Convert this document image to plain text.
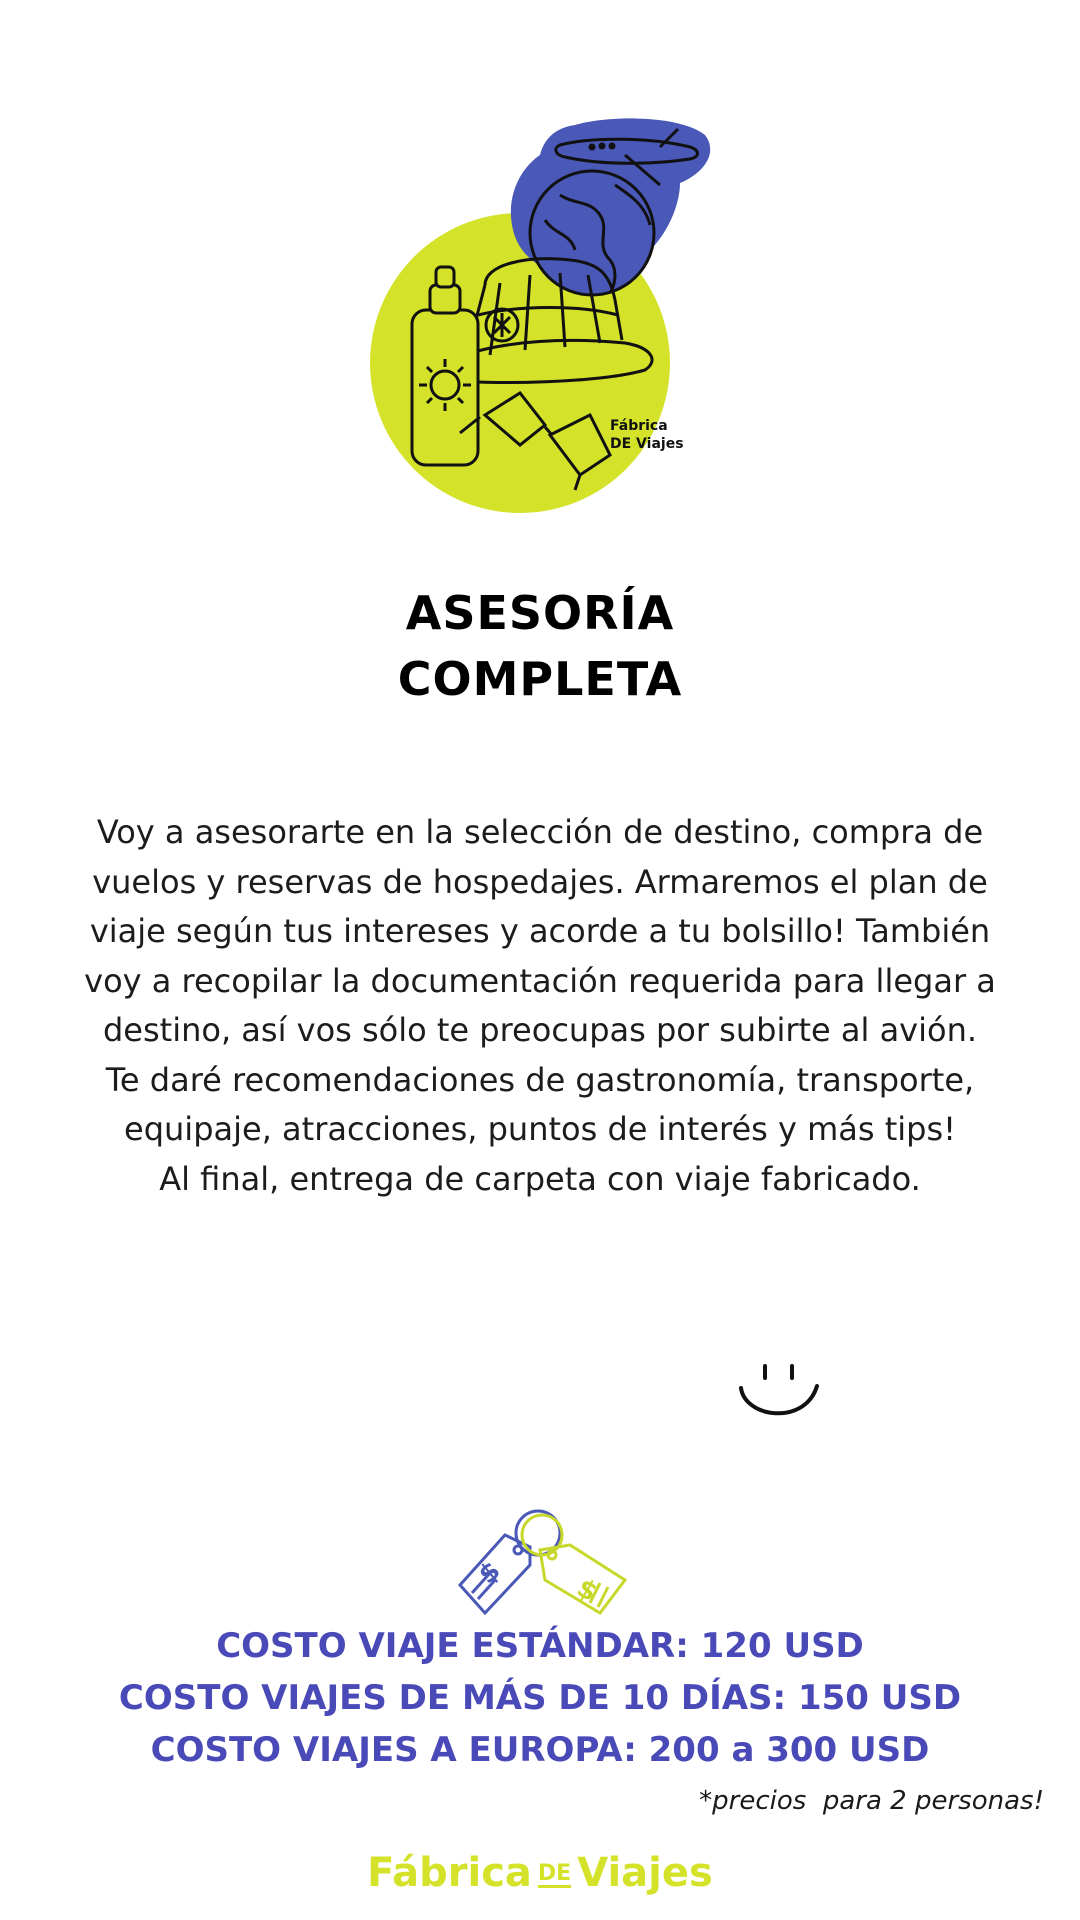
Fábrica
DE Viajes
ASESORÍA
COMPLETA
Voy a asesorarte en la selección de destino, compra de
vuelos y reservas de hospedajes. Armaremos el plan de
viaje según tus intereses y acorde a tu bolsillo! También
voy a recopilar la documentación requerida para llegar a
destino, así vos sólo te preocupas por subirte al avión.
Te daré recomendaciones de gastronomía, transporte,
equipaje, atracciones, puntos de interés y más tips!
Al final, entrega de carpeta con viaje fabricado.
$
$
COSTO VIAJE ESTÁNDAR: 120 USD
COSTO VIAJES DE MÁS DE 10 DÍAS: 150 USD
COSTO VIAJES A EUROPA: 200 a 300 USD
*precios  para 2 personas!
Fábrica DE Viajes
